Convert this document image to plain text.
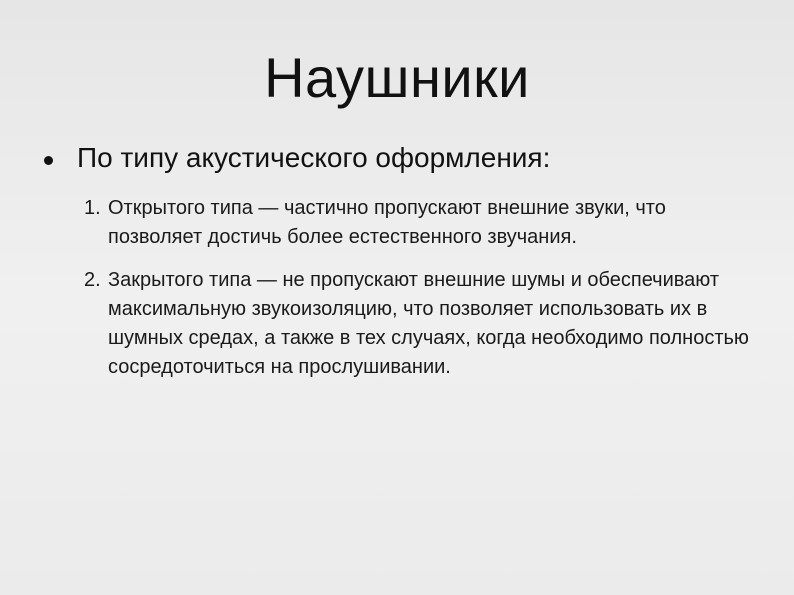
Наушники
По типу акустического оформления:
1. Открытого типа — частично пропускают внешние звуки, что позволяет достичь более естественного звучания.
2. Закрытого типа — не пропускают внешние шумы и обеспечивают максимальную звукоизоляцию, что позволяет использовать их в шумных средах, а также в тех случаях, когда необходимо полностью сосредоточиться на прослушивании.
